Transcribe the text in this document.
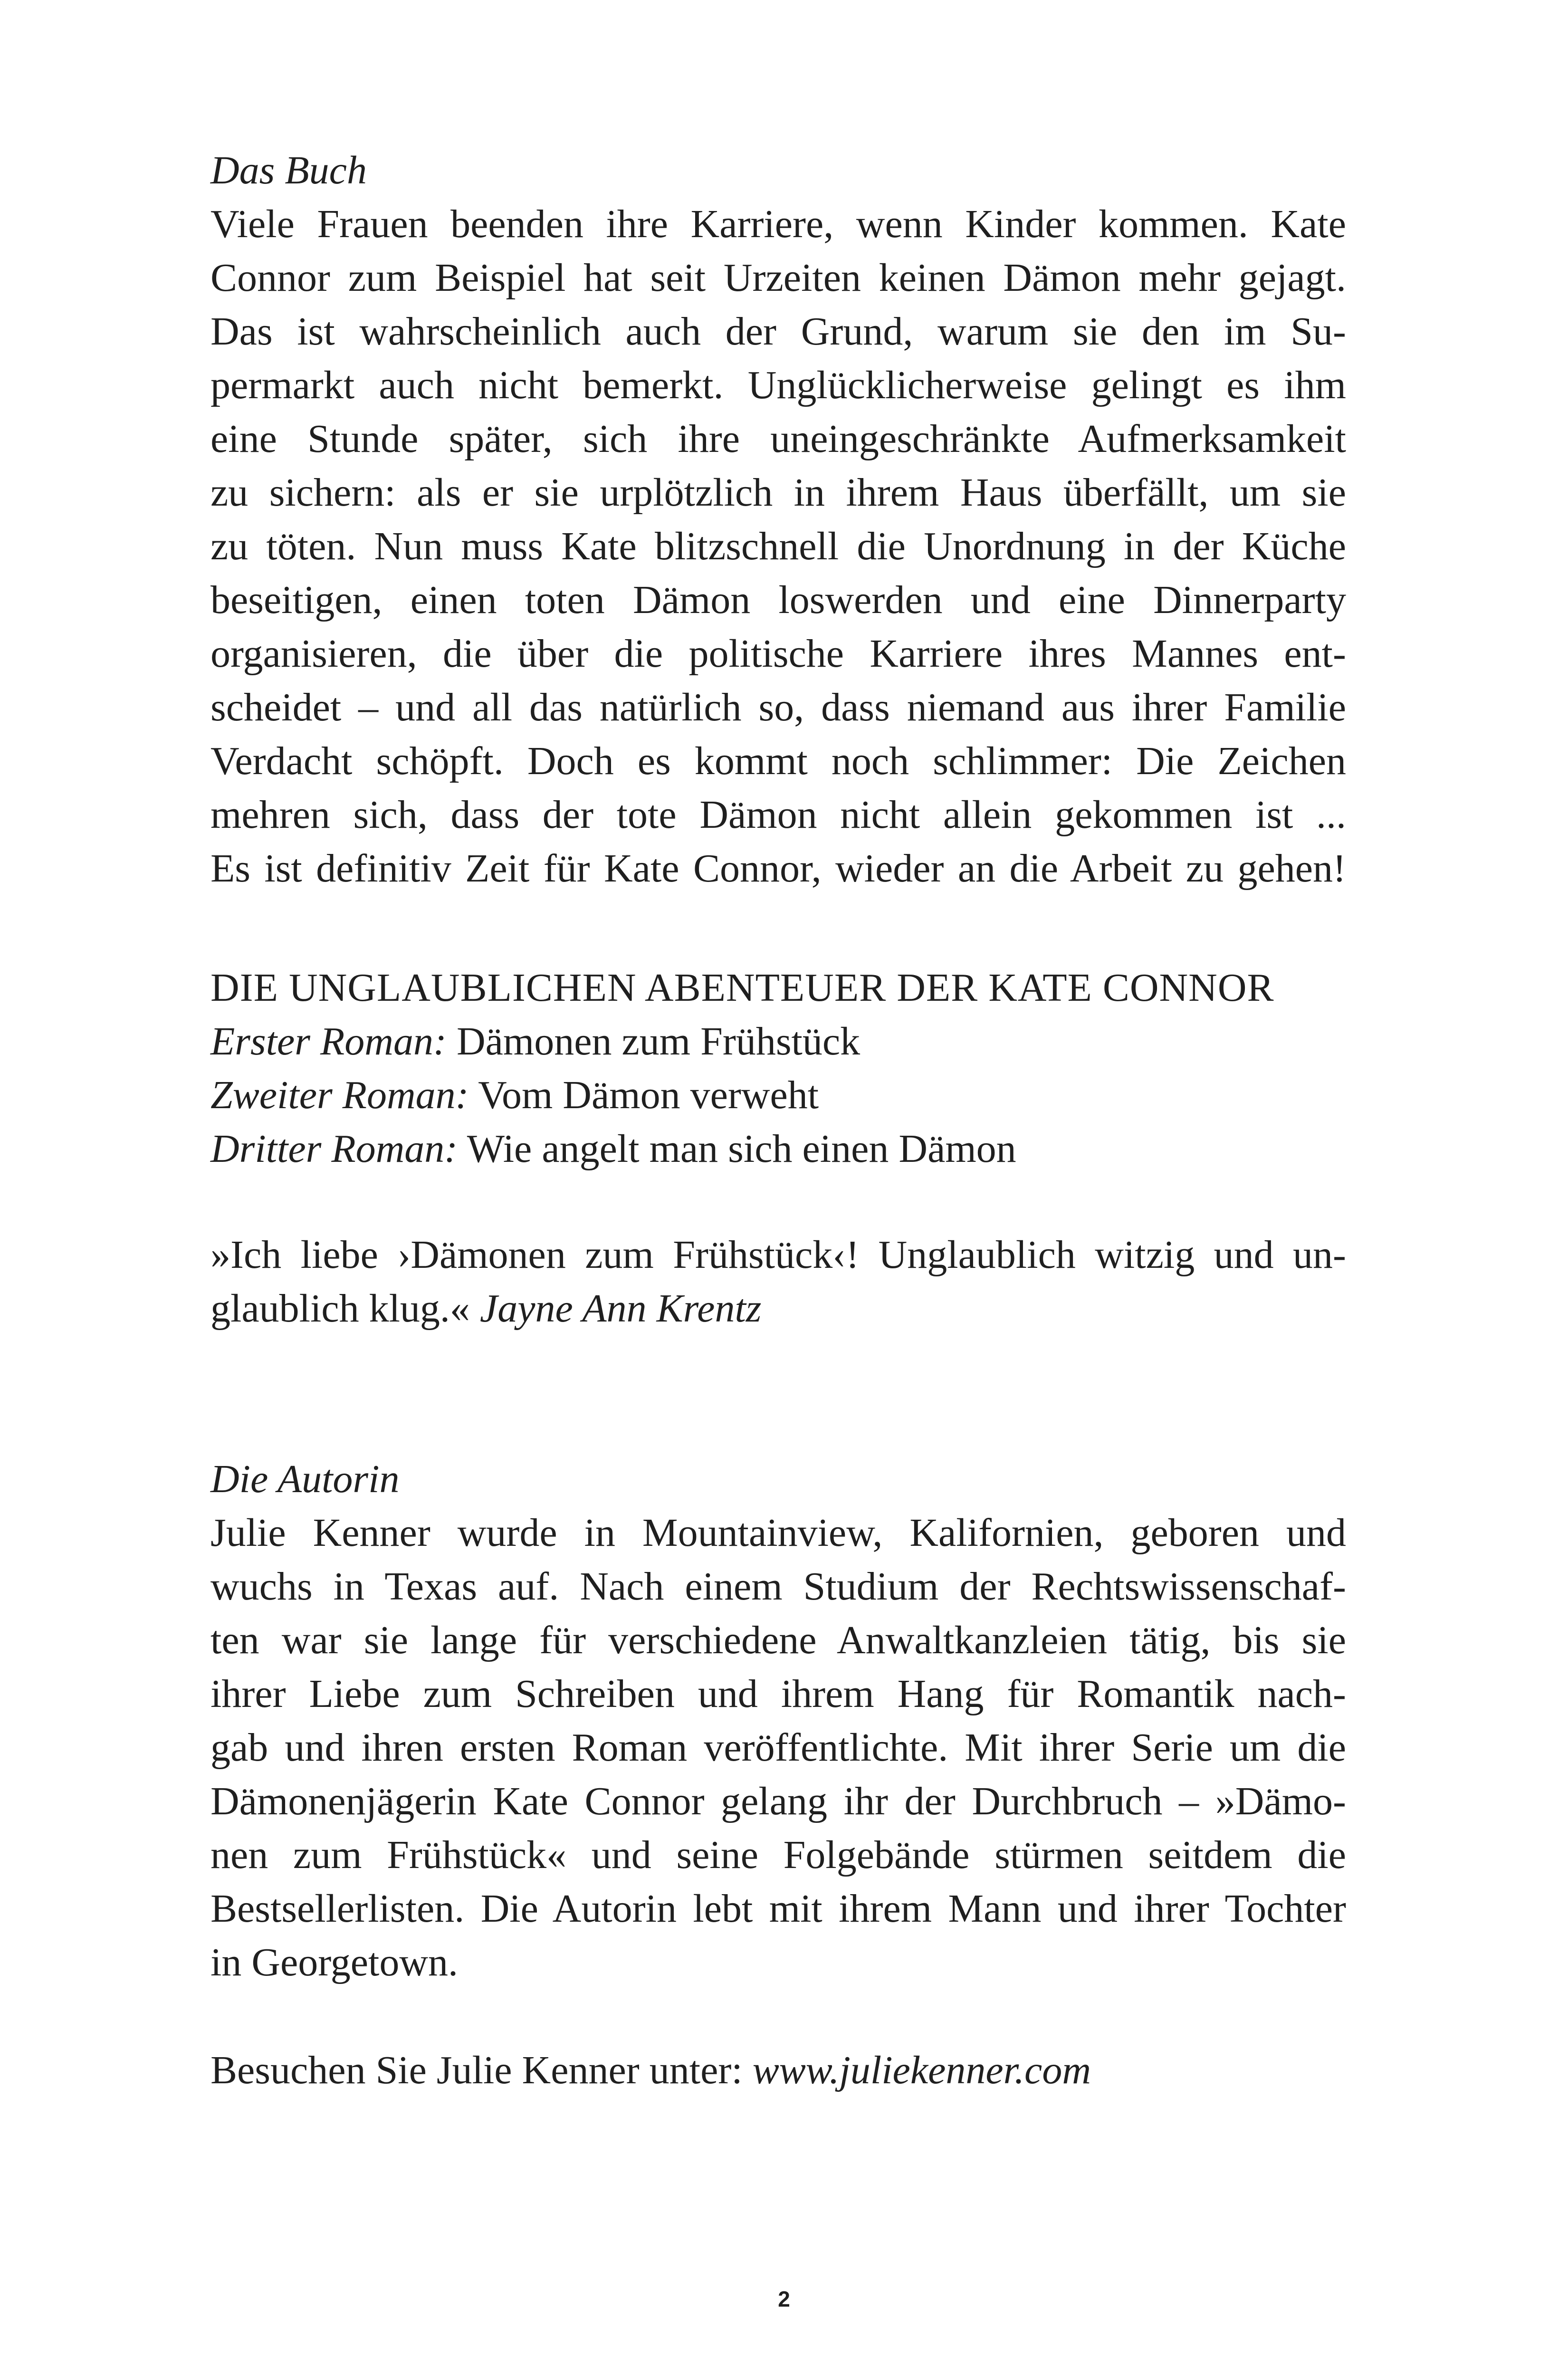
Das Buch
Viele Frauen beenden ihre Karriere, wenn Kinder kommen. Kate
Connor zum Beispiel hat seit Urzeiten keinen Dämon mehr gejagt.
Das ist wahrscheinlich auch der Grund, warum sie den im Su-
permarkt auch nicht bemerkt. Unglücklicherweise gelingt es ihm
eine Stunde später, sich ihre uneingeschränkte Aufmerksamkeit
zu sichern: als er sie urplötzlich in ihrem Haus überfällt, um sie
zu töten. Nun muss Kate blitzschnell die Unordnung in der Küche
beseitigen, einen toten Dämon loswerden und eine Dinnerparty
organisieren, die über die politische Karriere ihres Mannes ent-
scheidet – und all das natürlich so, dass niemand aus ihrer Familie
Verdacht schöpft. Doch es kommt noch schlimmer: Die Zeichen
mehren sich, dass der tote Dämon nicht allein gekommen ist ...
Es ist definitiv Zeit für Kate Connor, wieder an die Arbeit zu gehen!
DIE UNGLAUBLICHEN ABENTEUER DER KATE CONNOR
Erster Roman: Dämonen zum Frühstück
Zweiter Roman: Vom Dämon verweht
Dritter Roman: Wie angelt man sich einen Dämon
»Ich liebe ›Dämonen zum Frühstück‹! Unglaublich witzig und un-
glaublich klug.« Jayne Ann Krentz
Die Autorin
Julie Kenner wurde in Mountainview, Kalifornien, geboren und
wuchs in Texas auf. Nach einem Studium der Rechtswissenschaf-
ten war sie lange für verschiedene Anwaltkanzleien tätig, bis sie
ihrer Liebe zum Schreiben und ihrem Hang für Romantik nach-
gab und ihren ersten Roman veröffentlichte. Mit ihrer Serie um die
Dämonenjägerin Kate Connor gelang ihr der Durchbruch – »Dämo-
nen zum Frühstück« und seine Folgebände stürmen seitdem die
Bestsellerlisten. Die Autorin lebt mit ihrem Mann und ihrer Tochter
in Georgetown.
Besuchen Sie Julie Kenner unter: www.juliekenner.com
2
